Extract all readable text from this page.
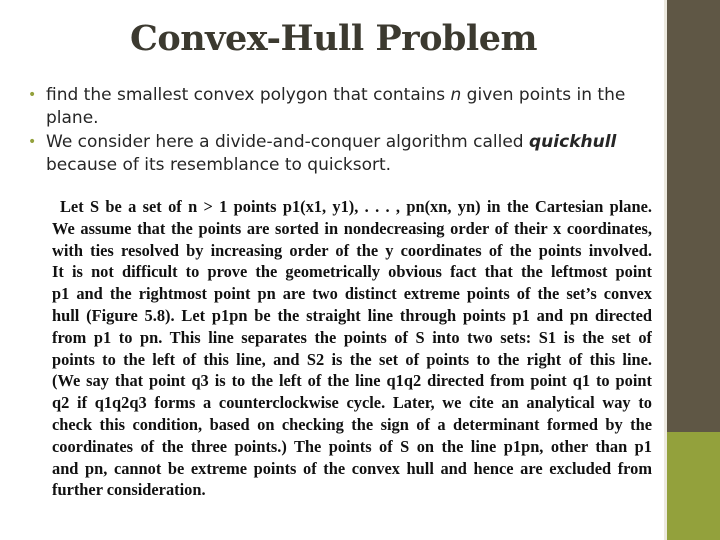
Convex-Hull Problem
• find the smallest convex polygon that contains n given points in the plane.
• We consider here a divide-and-conquer algorithm called quickhull because of its resemblance to quicksort.

Let S be a set of n > 1 points p1(x1, y1), . . . , pn(xn, yn) in the Cartesian plane.

We assume that the points are sorted in nondecreasing order of their x coordinates,

with ties resolved by increasing order of the y coordinates of the points involved.

It is not difficult to prove the geometrically obvious fact that the leftmost point

p1 and the rightmost point pn are two distinct extreme points of the set’s convex

hull (Figure 5.8). Let p1pn be the straight line through points p1 and pn directed

from p1 to pn. This line separates the points of S into two sets: S1 is the set of

points to the left of this line, and S2 is the set of points to the right of this line.

(We say that point q3 is to the left of the line q1q2 directed from point q1 to point

q2 if q1q2q3 forms a counterclockwise cycle. Later, we cite an analytical way to

check this condition, based on checking the sign of a determinant formed by the

coordinates of the three points.) The points of S on the line p1pn, other than p1

and pn, cannot be extreme points of the convex hull and hence are excluded from

further consideration.
